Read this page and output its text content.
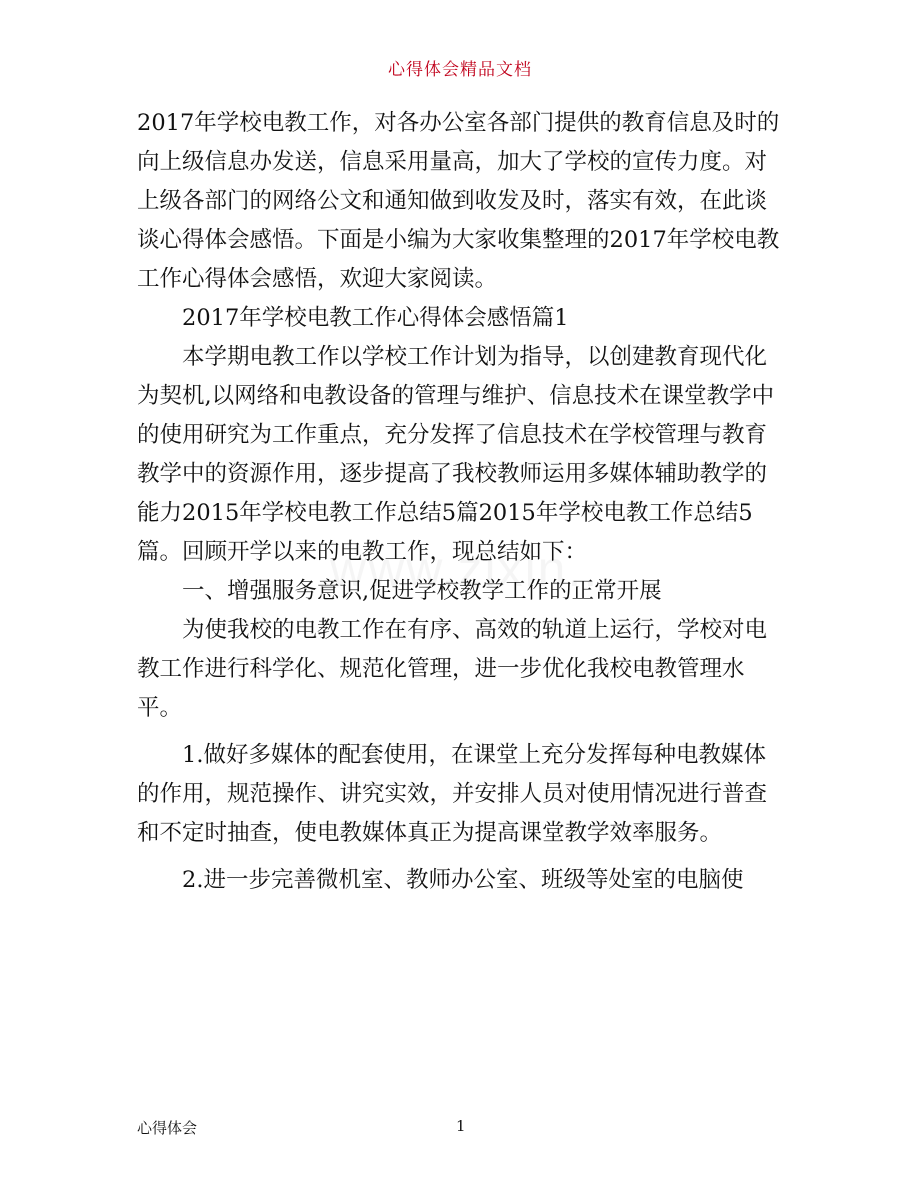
心得体会精品文档

2017年学校电教工作，对各办公室各部门提供的教育信息及时的向上级信息办发送，信息采用量高，加大了学校的宣传力度。对上级各部门的网络公文和通知做到收发及时，落实有效，在此谈谈心得体会感悟。下面是小编为大家收集整理的2017年学校电教工作心得体会感悟，欢迎大家阅读。

2017年学校电教工作心得体会感悟篇1

本学期电教工作以学校工作计划为指导，以创建教育现代化为契机,以网络和电教设备的管理与维护、信息技术在课堂教学中的使用研究为工作重点，充分发挥了信息技术在学校管理与教育教学中的资源作用，逐步提高了我校教师运用多媒体辅助教学的能力2015年学校电教工作总结5篇2015年学校电教工作总结5篇。回顾开学以来的电教工作，现总结如下：

一、增强服务意识,促进学校教学工作的正常开展

为使我校的电教工作在有序、高效的轨道上运行，学校对电教工作进行科学化、规范化管理，进一步优化我校电教管理水平。

1.做好多媒体的配套使用，在课堂上充分发挥每种电教媒体的作用，规范操作、讲究实效，并安排人员对使用情况进行普查和不定时抽查，使电教媒体真正为提高课堂教学效率服务。

2.进一步完善微机室、教师办公室、班级等处室的电脑使

心得体会	1
